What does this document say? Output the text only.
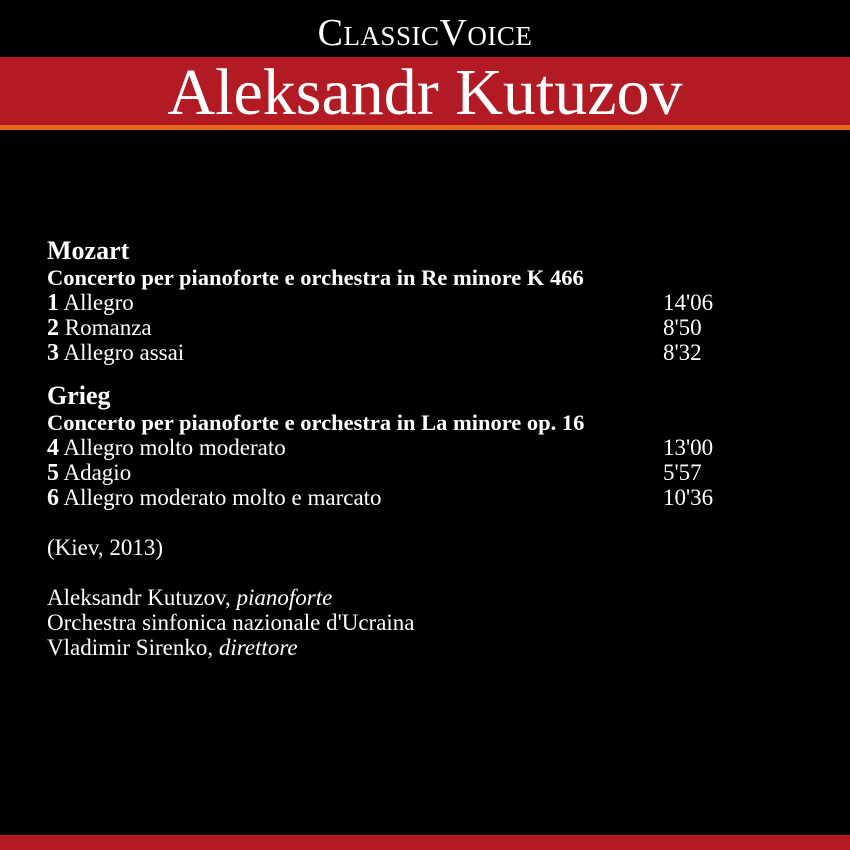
ClassicVoice
Aleksandr Kutuzov
Mozart
Concerto per pianoforte e orchestra in Re minore K 466
1 Allegro	14'06
2 Romanza	8'50
3 Allegro assai	8'32
Grieg
Concerto per pianoforte e orchestra in La minore op. 16
4 Allegro molto moderato	13'00
5 Adagio	5'57
6 Allegro moderato molto e marcato	10'36
(Kiev, 2013)
Aleksandr Kutuzov, pianoforte
Orchestra sinfonica nazionale d'Ucraina
Vladimir Sirenko, direttore
